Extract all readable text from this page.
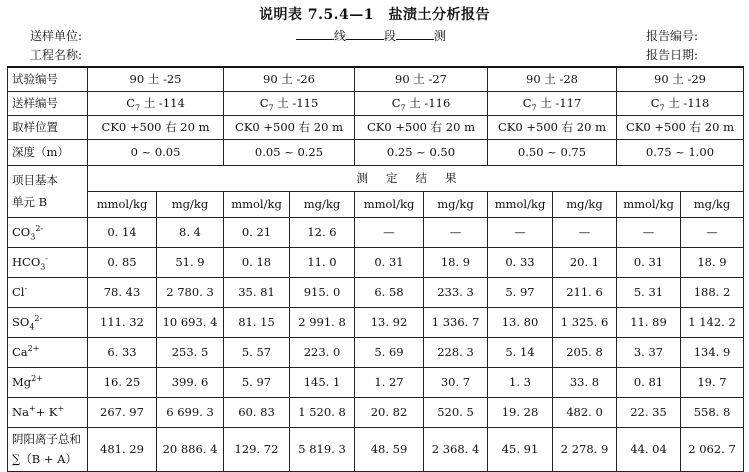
说明表 7.5.4—1　盐渍土分析报告
送样单位:
工程名称:
线	段	测	报告编号:
报告日期:
试验编号	90 土 -25		90 土 -26		90 土 -27		90 土 -28		90 土 -29	
送样编号	$C_7$ 土 -114		$C_7$ 土 -115		$C_7$ 土 -116		$C_7$ 土 -117		$C_7$ 土 -118	
取样位置	CK0 +500 右 20 m		CK0 +500 右 20 m		CK0 +500 右 20 m		CK0 +500 右 20 m		CK0 +500 右 20 m	
深度（m）	0 ~ 0.05		0.05 ~ 0.25		0.25 ~ 0.50		0.50 ~ 0.75		0.75 ~ 1.00	

项目基本
单元 B	测定结果									
	mmol/kg	mg/kg	mmol/kg	mg/kg	mmol/kg	mg/kg	mmol/kg	mg/kg	mmol/kg	mg/kg
$CO_3^{2-}$	0. 14	8. 4	0. 21	12. 6	—	—	—	—	—	—
$HCO_3^-$	0. 85	51. 9	0. 18	11. 0	0. 31	18. 9	0. 33	20. 1	0. 31	18. 9
Cl-	78. 43	2 780. 3	35. 81	915. 0	6. 58	233. 3	5. 97	211. 6	5. 31	188. 2
$SO_4^{2-}$	111. 32	10 693. 4	81. 15	2 991. 8	13. 92	1 336. 7	13. 80	1 325. 6	11. 89	1 142. 2
$Ca^{2+}$	6. 33	253. 5	5. 57	223. 0	5. 69	228. 3	5. 14	205. 8	3. 37	134. 9
$Mg^{2+}$	16. 25	399. 6	5. 97	145. 1	1. 27	30. 7	1. 3	33. 8	0. 81	19. 7
Na++ K+	267. 97	6 699. 3	60. 83	1 520. 8	20. 82	520. 5	19. 28	482. 0	22. 35	558. 8

阴阳离子总和
∑（B + A）	481. 29	20 886. 4	129. 72	5 819. 3	48. 59	2 368. 4	45. 91	2 278. 9	44. 04	2 062. 7
